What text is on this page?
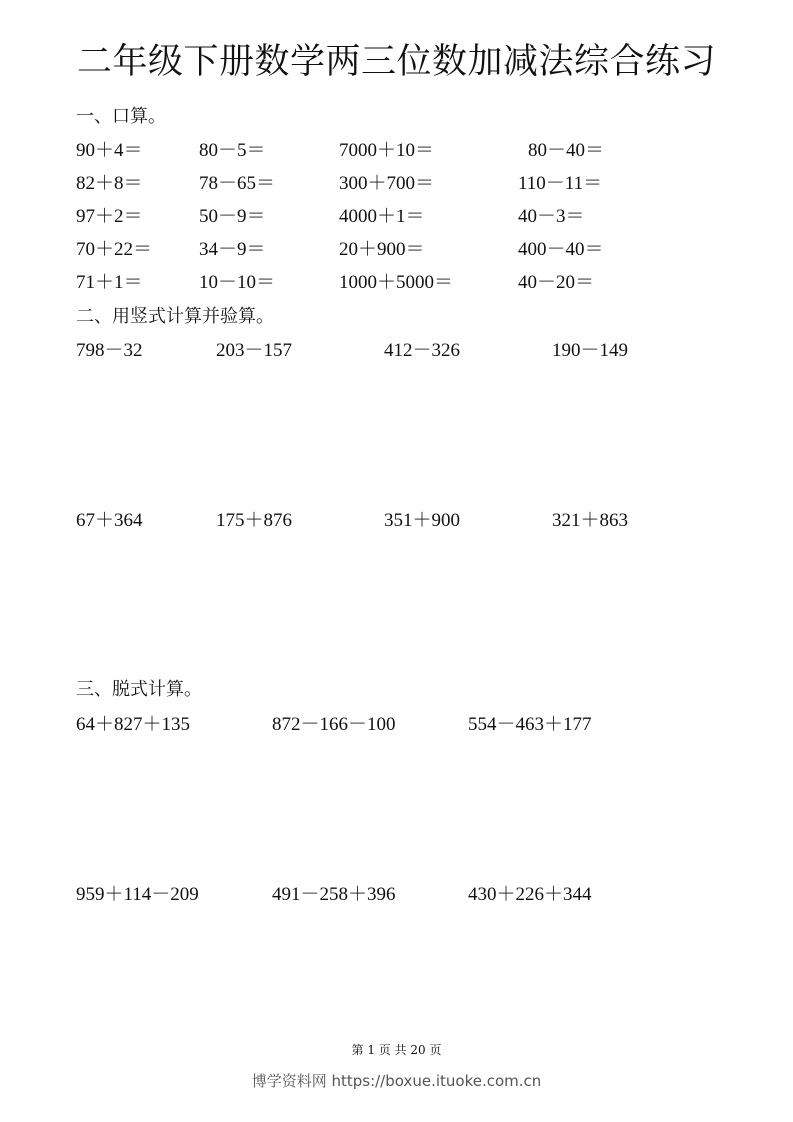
二年级下册数学两三位数加减法综合练习
一、口算。
90＋4＝	80－5＝	7000＋10＝	80－40＝
82＋8＝	78－65＝	300＋700＝	110－11＝
97＋2＝	50－9＝	4000＋1＝	40－3＝
70＋22＝ 34－9＝	20＋900＝	400－40＝
71＋1＝	10－10＝	1000＋5000＝	40－20＝
二、用竖式计算并验算。
798－32	203－157	412－326	190－149
67＋364	175＋876	351＋900	321＋863
三、脱式计算。
64＋827＋135	872－166－100	554－463＋177
959＋114－209	491－258＋396	430＋226＋344
第 1 页 共 20 页
博学资料网 https://boxue.ituoke.com.cn
